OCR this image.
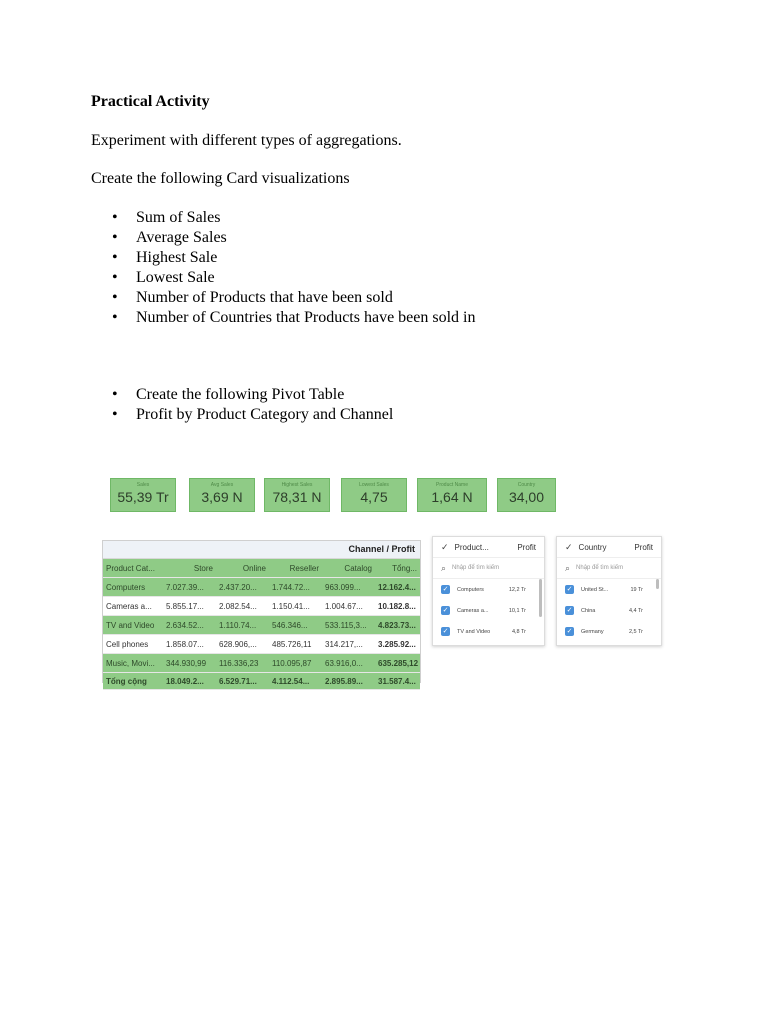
Practical Activity
Experiment with different types of aggregations.
Create the following Card visualizations
• Sum of Sales
• Average Sales
• Highest Sale
• Lowest Sale
• Number of Products that have been sold
• Number of Countries that Products have been sold in
• Create the following Pivot Table
• Profit by Product Category and Channel
Sales
55,39 Tr
Avg Sales
3,69 N
Highest Sales
78,31 N
Lowest Sales
4,75
Product Name
1,64 N
Country
34,00
Channel / Profit
Product Cat...	Store	Online	Reseller	Catalog	Tổng...
Computers	7.027.39...	2.437.20...	1.744.72...	963.099...	12.162.4...
Cameras a...	5.855.17...	2.082.54...	1.150.41...	1.004.67...	10.182.8...
TV and Video	2.634.52...	1.110.74...	546.346...	533.115,3...	4.823.73...
Cell phones	1.858.07...	628.906,...	485.726,11	314.217,...	3.285.92...
Music, Movi...	344.930,99	116.336,23	110.095,87	63.916,0...	635.285,12
Tổng cộng	18.049.2...	6.529.71...	4.112.54...	2.895.89...	31.587.4...
✓ Product...	Profit
⌕ Nhập để tìm kiếm
✓ Computers	12,2 Tr
✓ Cameras a...	10,1 Tr
✓ TV and Video	4,8 Tr
✓ Country	Profit
⌕ Nhập để tìm kiếm
✓ United St...	19 Tr
✓ China	4,4 Tr
✓ Germany	2,5 Tr
